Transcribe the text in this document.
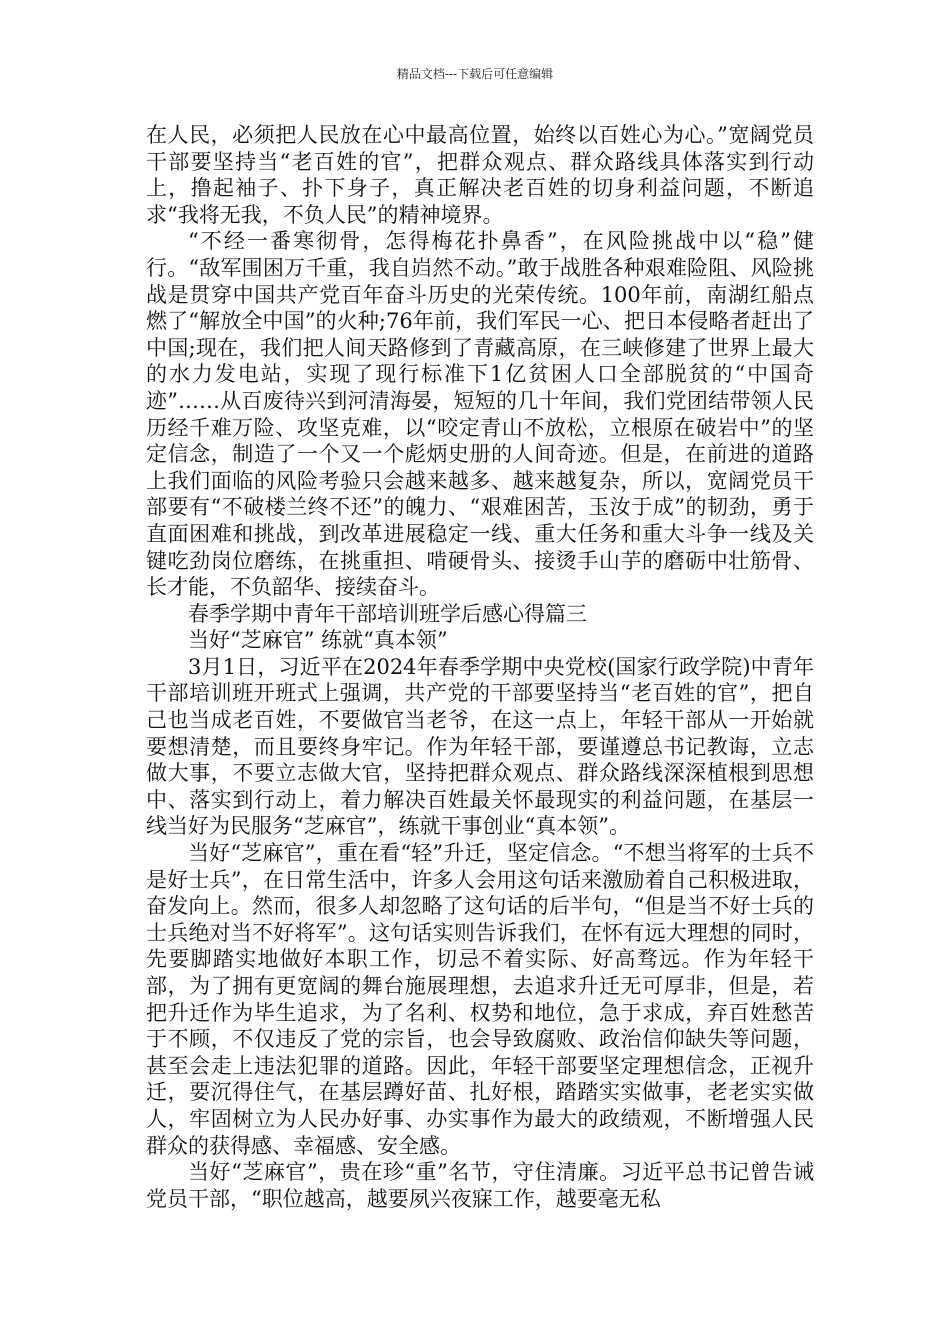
精品文档---下载后可任意编辑

在人民，必须把人民放在心中最高位置，始终以百姓心为心。”宽阔党员干部要坚持当“老百姓的官”，把群众观点、群众路线具体落实到行动上，撸起袖子、扑下身子，真正解决老百姓的切身利益问题，不断追求“我将无我，不负人民”的精神境界。

“不经一番寒彻骨，怎得梅花扑鼻香”，在风险挑战中以“稳”健行。“敌军围困万千重，我自岿然不动。”敢于战胜各种艰难险阻、风险挑战是贯穿中国共产党百年奋斗历史的光荣传统。100年前，南湖红船点燃了“解放全中国”的火种;76年前，我们军民一心、把日本侵略者赶出了中国;现在，我们把人间天路修到了青藏高原，在三峡修建了世界上最大的水力发电站，实现了现行标准下1亿贫困人口全部脱贫的“中国奇迹”……从百废待兴到河清海晏，短短的几十年间，我们党团结带领人民历经千难万险、攻坚克难，以“咬定青山不放松，立根原在破岩中”的坚定信念，制造了一个又一个彪炳史册的人间奇迹。但是，在前进的道路上我们面临的风险考验只会越来越多、越来越复杂，所以，宽阔党员干部要有“不破楼兰终不还”的魄力、“艰难困苦，玉汝于成”的韧劲，勇于直面困难和挑战，到改革进展稳定一线、重大任务和重大斗争一线及关键吃劲岗位磨练，在挑重担、啃硬骨头、接烫手山芋的磨砺中壮筋骨、长才能，不负韶华、接续奋斗。

春季学期中青年干部培训班学后感心得篇三

当好“芝麻官” 练就“真本领”

3月1日，习近平在2024年春季学期中央党校(国家行政学院)中青年干部培训班开班式上强调，共产党的干部要坚持当“老百姓的官”，把自己也当成老百姓，不要做官当老爷，在这一点上，年轻干部从一开始就要想清楚，而且要终身牢记。作为年轻干部，要谨遵总书记教诲，立志做大事，不要立志做大官，坚持把群众观点、群众路线深深植根到思想中、落实到行动上，着力解决百姓最关怀最现实的利益问题，在基层一线当好为民服务“芝麻官”，练就干事创业“真本领”。

当好“芝麻官”，重在看“轻”升迁，坚定信念。“不想当将军的士兵不是好士兵”，在日常生活中，许多人会用这句话来激励着自己积极进取，奋发向上。然而，很多人却忽略了这句话的后半句，“但是当不好士兵的士兵绝对当不好将军”。这句话实则告诉我们，在怀有远大理想的同时，先要脚踏实地做好本职工作，切忌不着实际、好高骛远。作为年轻干部，为了拥有更宽阔的舞台施展理想，去追求升迁无可厚非，但是，若把升迁作为毕生追求，为了名利、权势和地位，急于求成，弃百姓愁苦于不顾，不仅违反了党的宗旨，也会导致腐败、政治信仰缺失等问题，甚至会走上违法犯罪的道路。因此，年轻干部要坚定理想信念，正视升迁，要沉得住气，在基层蹲好苗、扎好根，踏踏实实做事，老老实实做人，牢固树立为人民办好事、办实事作为最大的政绩观，不断增强人民群众的获得感、幸福感、安全感。

当好“芝麻官”，贵在珍“重”名节，守住清廉。习近平总书记曾告诫党员干部，“职位越高，越要夙兴夜寐工作，越要毫无私
